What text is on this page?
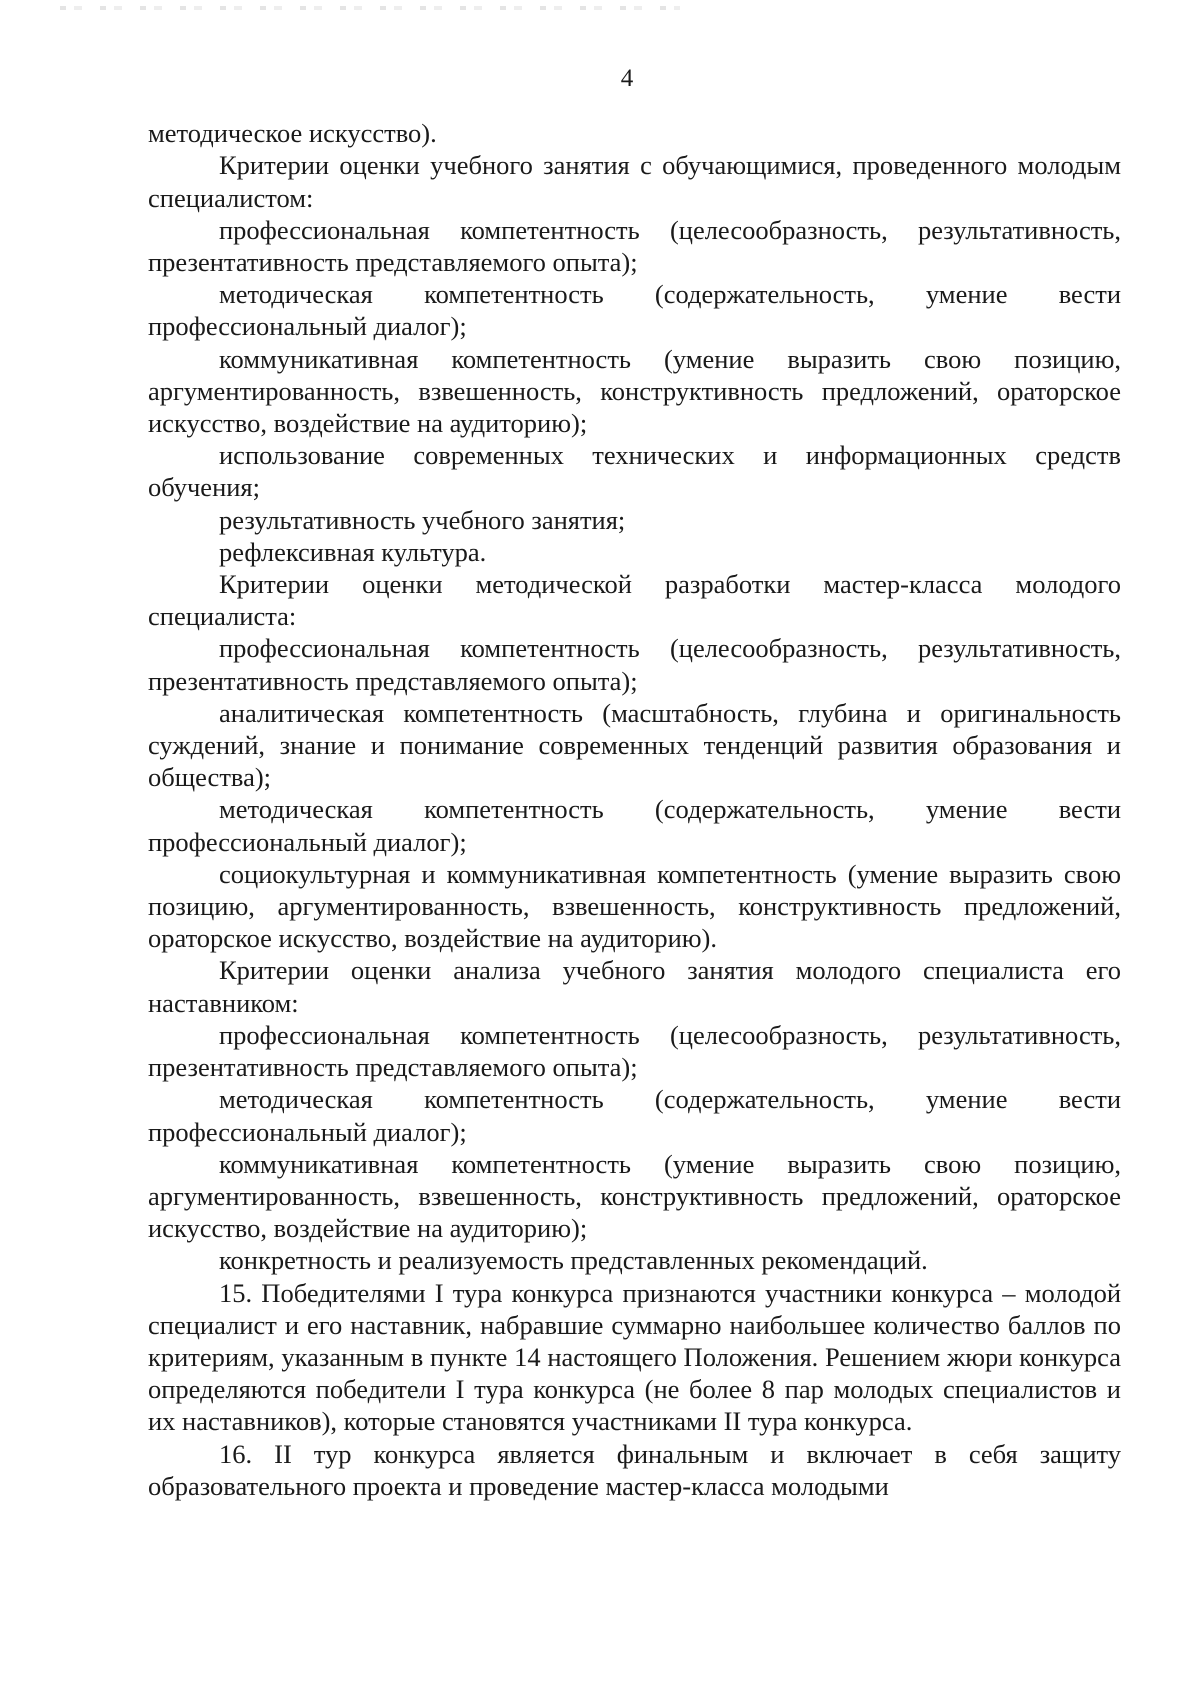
4

методическое искусство).

Критерии оценки учебного занятия с обучающимися, проведенного молодым специалистом:

профессиональная компетентность (целесообразность, результативность, презентативность представляемого опыта);

методическая компетентность (содержательность, умение вести профессиональный диалог);

коммуникативная компетентность (умение выразить свою позицию, аргументированность, взвешенность, конструктивность предложений, ораторское искусство, воздействие на аудиторию);

использование современных технических и информационных средств обучения;

результативность учебного занятия;

рефлексивная культура.

Критерии оценки методической разработки мастер-класса молодого специалиста:

профессиональная компетентность (целесообразность, результативность, презентативность представляемого опыта);

аналитическая компетентность (масштабность, глубина и оригинальность суждений, знание и понимание современных тенденций развития образования и общества);

методическая компетентность (содержательность, умение вести профессиональный диалог);

социокультурная и коммуникативная компетентность (умение выразить свою позицию, аргументированность, взвешенность, конструктивность предложений, ораторское искусство, воздействие на аудиторию).

Критерии оценки анализа учебного занятия молодого специалиста его наставником:

профессиональная компетентность (целесообразность, результативность, презентативность представляемого опыта);

методическая компетентность (содержательность, умение вести профессиональный диалог);

коммуникативная компетентность (умение выразить свою позицию, аргументированность, взвешенность, конструктивность предложений, ораторское искусство, воздействие на аудиторию);

конкретность и реализуемость представленных рекомендаций.

15. Победителями I тура конкурса признаются участники конкурса – молодой специалист и его наставник, набравшие суммарно наибольшее количество баллов по критериям, указанным в пункте 14 настоящего Положения. Решением жюри конкурса определяются победители I тура конкурса (не более 8 пар молодых специалистов и их наставников), которые становятся участниками II тура конкурса.

16. II тур конкурса является финальным и включает в себя защиту образовательного проекта и проведение мастер-класса молодыми
